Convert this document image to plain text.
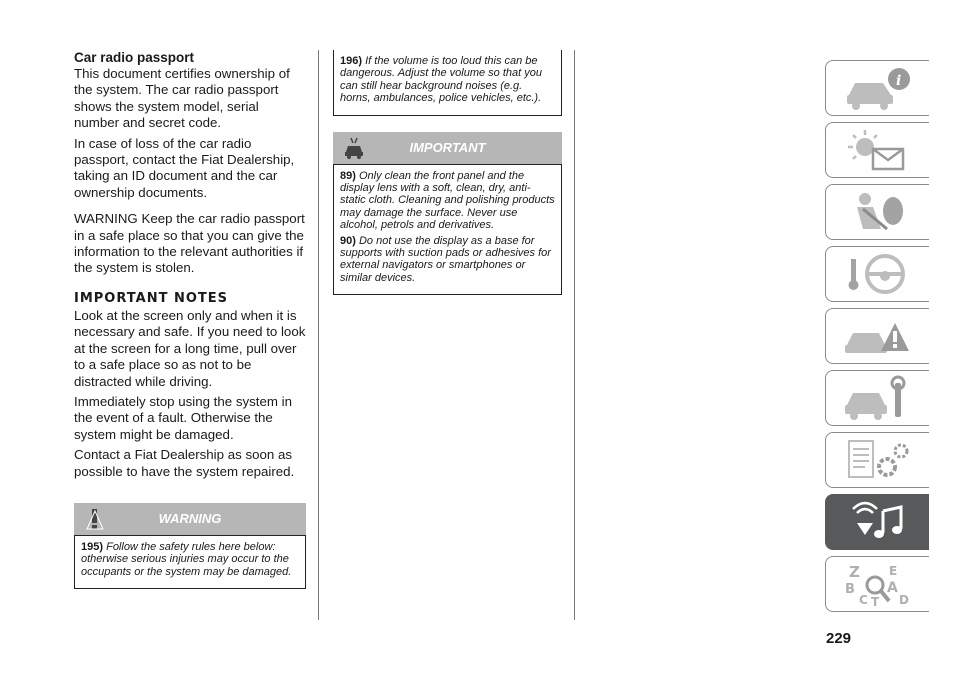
Car radio passport

This document certifies ownership of the system. The car radio passport shows the system model, serial number and secret code.

In case of loss of the car radio passport, contact the Fiat Dealership, taking an ID document and the car ownership documents.

WARNING Keep the car radio passport in a safe place so that you can give the information to the relevant authorities if the system is stolen.

IMPORTANT NOTES

Look at the screen only and when it is necessary and safe. If you need to look at the screen for a long time, pull over to a safe place so as not to be distracted while driving.

Immediately stop using the system in the event of a fault. Otherwise the system might be damaged.

Contact a Fiat Dealership as soon as possible to have the system repaired.

WARNING

195) Follow the safety rules here below: otherwise serious injuries may occur to the occupants or the system may be damaged.

196) If the volume is too loud this can be dangerous. Adjust the volume so that you can still hear background noises (e.g. horns, ambulances, police vehicles, etc.).

IMPORTANT

89) Only clean the front panel and the display lens with a soft, clean, dry, anti-static cloth. Cleaning and polishing products may damage the surface. Never use alcohol, petrols and derivatives.

90) Do not use the display as a base for supports with suction pads or adhesives for external navigators or smartphones or similar devices.

i
Z E
B A
C	D
T
229
